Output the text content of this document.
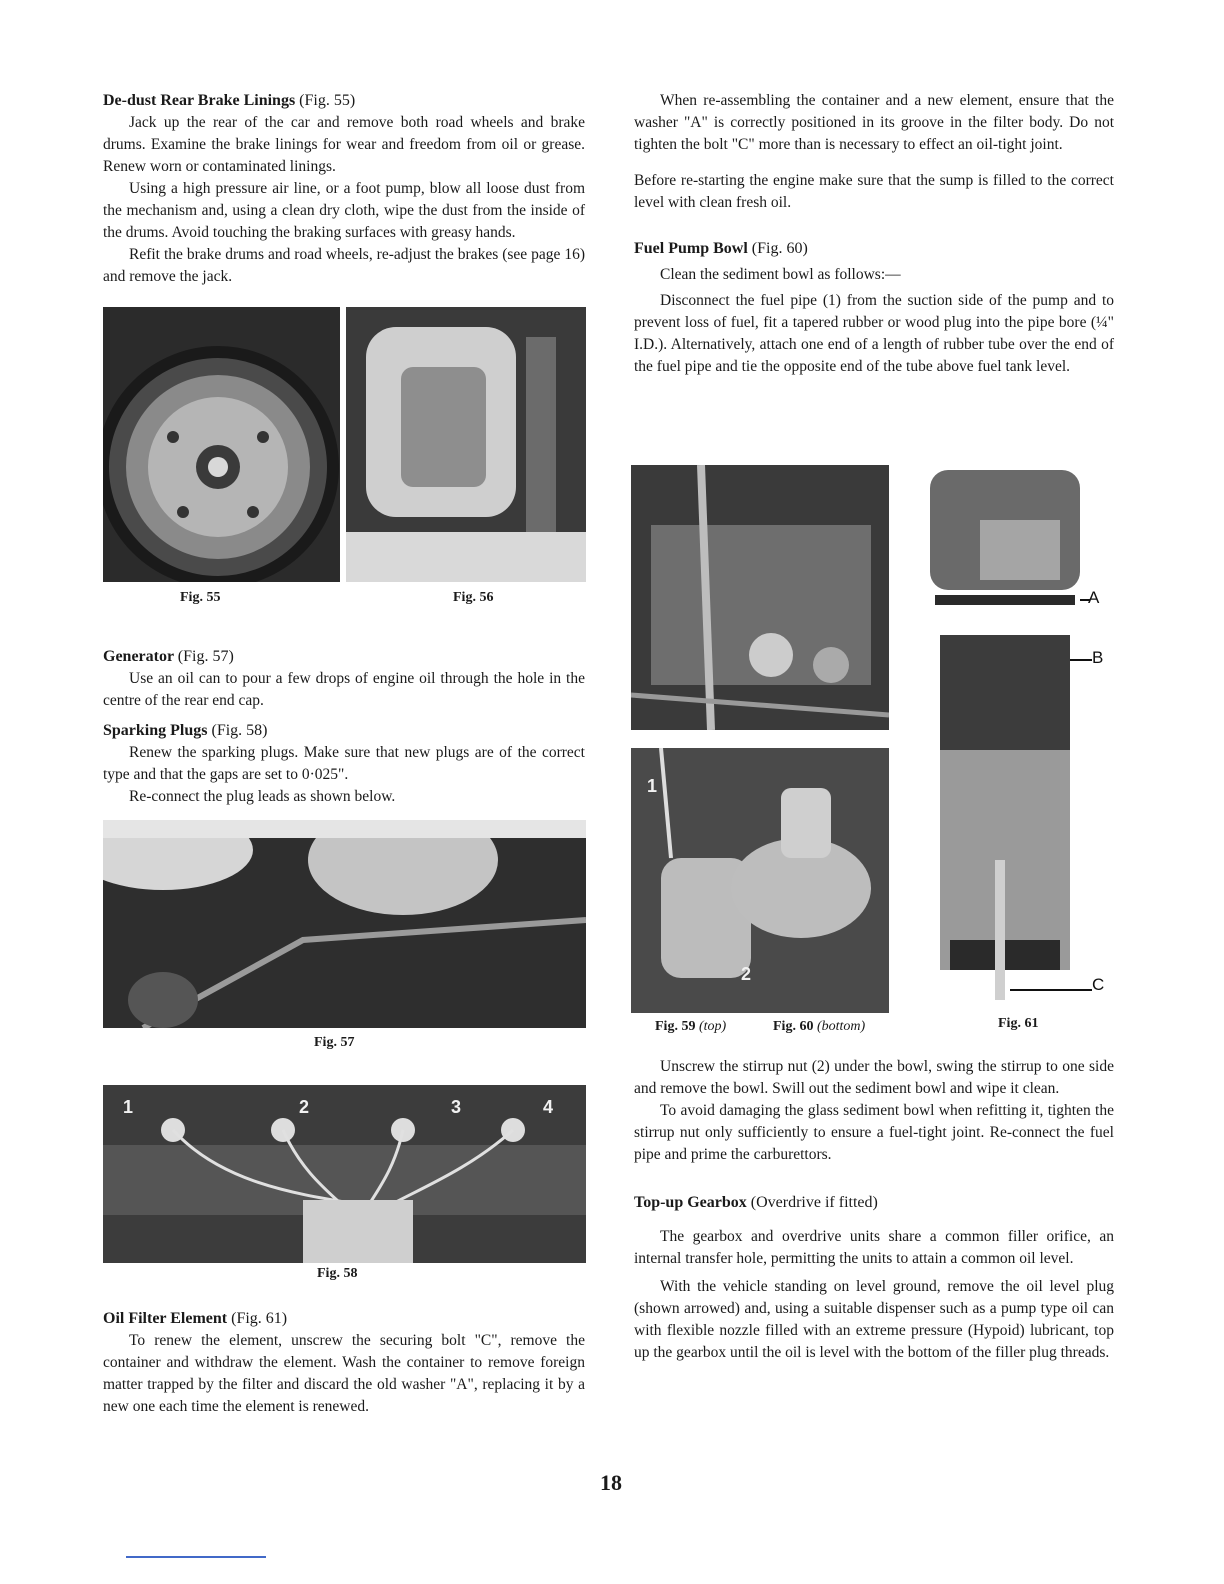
De-dust Rear Brake Linings (Fig. 55)

Jack up the rear of the car and remove both road wheels and brake drums. Examine the brake linings for wear and freedom from oil or grease. Renew worn or contaminated linings.

Using a high pressure air line, or a foot pump, blow all loose dust from the mechanism and, using a clean dry cloth, wipe the dust from the inside of the drums. Avoid touching the braking surfaces with greasy hands.

Refit the brake drums and road wheels, re-adjust the brakes (see page 16) and remove the jack.

Fig. 55	Fig. 56

Generator (Fig. 57)

Use an oil can to pour a few drops of engine oil through the hole in the centre of the rear end cap.

Sparking Plugs (Fig. 58)

Renew the sparking plugs. Make sure that new plugs are of the correct type and that the gaps are set to 0·025".

Re-connect the plug leads as shown below.

Fig. 57
1	2	3	4
Fig. 58

Oil Filter Element (Fig. 61)

To renew the element, unscrew the securing bolt "C", remove the container and withdraw the element. Wash the container to remove foreign matter trapped by the filter and discard the old washer "A", replacing it by a new one each time the element is renewed.

When re-assembling the container and a new element, ensure that the washer "A" is correctly positioned in its groove in the filter body. Do not tighten the bolt "C" more than is necessary to effect an oil-tight joint.

Before re-starting the engine make sure that the sump is filled to the correct level with clean fresh oil.

Fuel Pump Bowl (Fig. 60)

Clean the sediment bowl as follows:—

Disconnect the fuel pipe (1) from the suction side of the pump and to prevent loss of fuel, fit a tapered rubber or wood plug into the pipe bore (¼" I.D.). Alternatively, attach one end of a length of rubber tube over the end of the fuel pipe and tie the opposite end of the tube above fuel tank level.

1
2
Fig. 59 (top)	Fig. 60 (bottom)
A
B
C
Fig. 61

Unscrew the stirrup nut (2) under the bowl, swing the stirrup to one side and remove the bowl. Swill out the sediment bowl and wipe it clean.

To avoid damaging the glass sediment bowl when refitting it, tighten the stirrup nut only sufficiently to ensure a fuel-tight joint. Re-connect the fuel pipe and prime the carburettors.

Top-up Gearbox (Overdrive if fitted)

The gearbox and overdrive units share a common filler orifice, an internal transfer hole, permitting the units to attain a common oil level.

With the vehicle standing on level ground, remove the oil level plug (shown arrowed) and, using a suitable dispenser such as a pump type oil can with flexible nozzle filled with an extreme pressure (Hypoid) lubricant, top up the gearbox until the oil is level with the bottom of the filler plug threads.

18
